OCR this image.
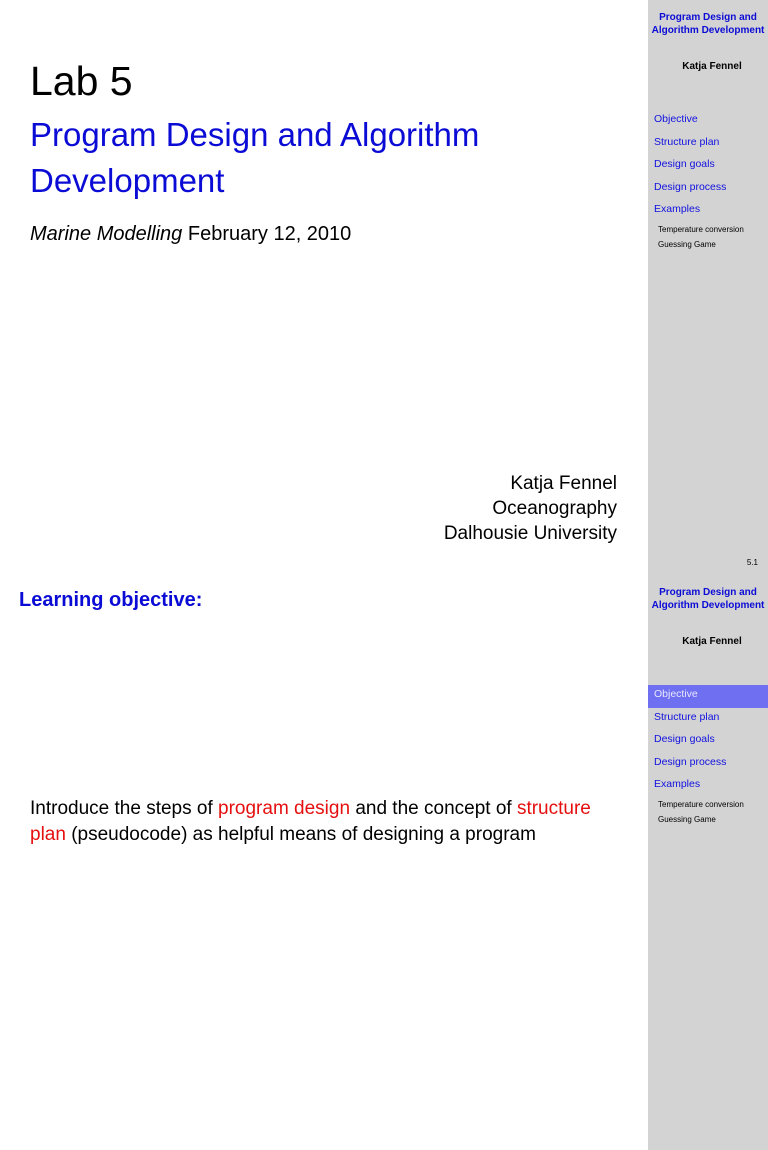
Lab 5
Program Design and Algorithm Development
Marine Modelling February 12, 2010
Katja Fennel
Oceanography
Dalhousie University
Program Design and Algorithm Development
Katja Fennel
Objective
Structure plan
Design goals
Design process
Examples
Temperature conversion
Guessing Game
5.1
Learning objective:
Introduce the steps of program design and the concept of structure plan (pseudocode) as helpful means of designing a program
Program Design and Algorithm Development
Katja Fennel
Objective
Structure plan
Design goals
Design process
Examples
Temperature conversion
Guessing Game
